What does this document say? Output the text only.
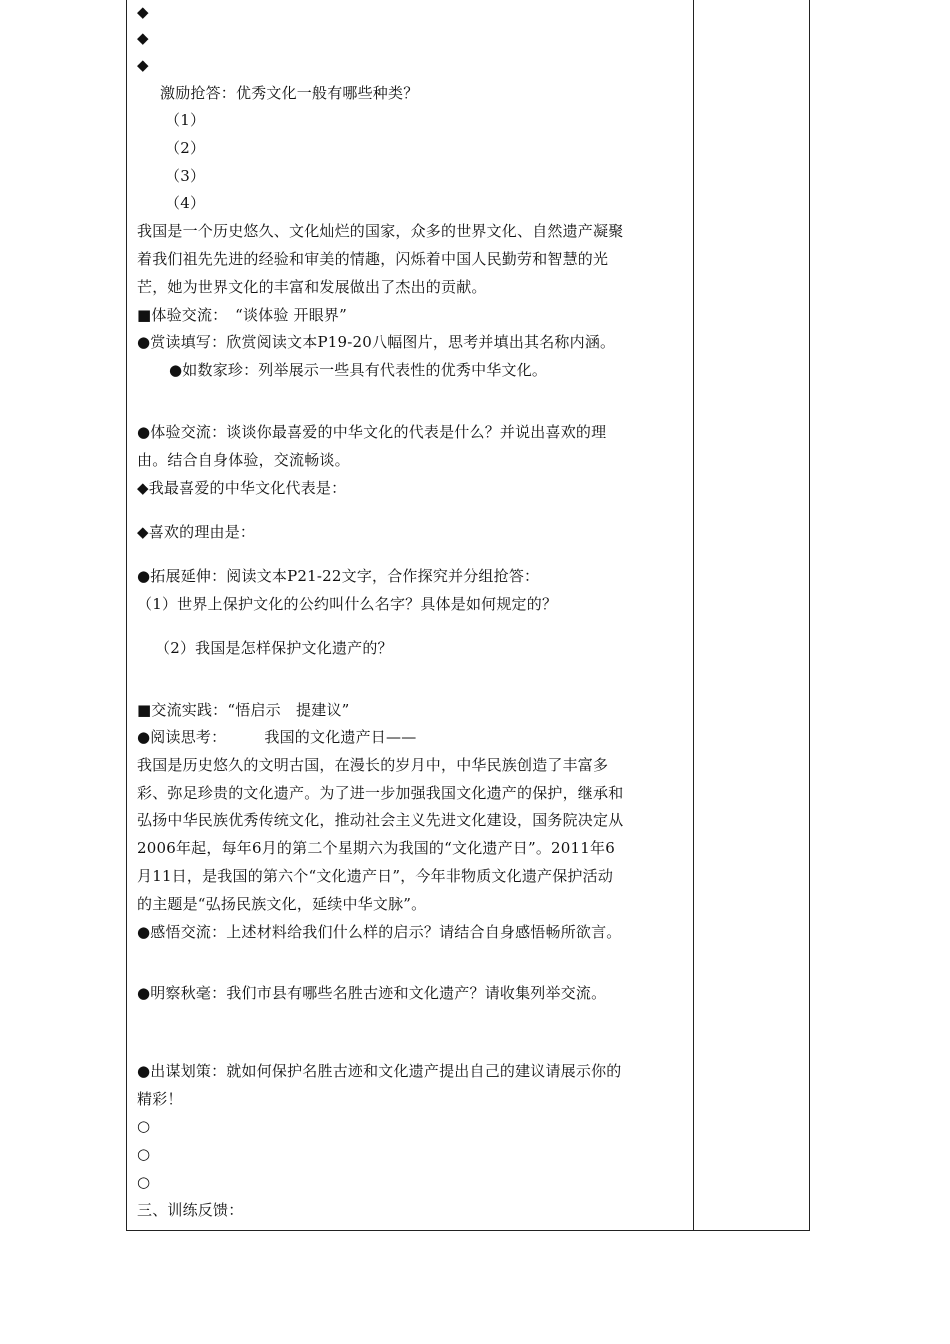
◆
◆
◆
激励抢答：优秀文化一般有哪些种类？
（1）
（2）
（3）
（4）
我国是一个历史悠久、文化灿烂的国家，众多的世界文化、自然遗产凝聚
着我们祖先先进的经验和审美的情趣，闪烁着中国人民勤劳和智慧的光
芒，她为世界文化的丰富和发展做出了杰出的贡献。
■体验交流：　“谈体验 开眼界”
●赏读填写：欣赏阅读文本P19-20八幅图片，思考并填出其名称内涵。
●如数家珍：列举展示一些具有代表性的优秀中华文化。
●体验交流：谈谈你最喜爱的中华文化的代表是什么？并说出喜欢的理
由。结合自身体验，交流畅谈。
◆我最喜爱的中华文化代表是：
◆喜欢的理由是：
●拓展延伸：阅读文本P21-22文字，合作探究并分组抢答：
（1）世界上保护文化的公约叫什么名字？具体是如何规定的？
（2）我国是怎样保护文化遗产的？
■交流实践：“悟启示　提建议”
●阅读思考：　　　我国的文化遗产日——
我国是历史悠久的文明古国，在漫长的岁月中，中华民族创造了丰富多
彩、弥足珍贵的文化遗产。为了进一步加强我国文化遗产的保护，继承和
弘扬中华民族优秀传统文化，推动社会主义先进文化建设，国务院决定从
2006年起，每年6月的第二个星期六为我国的“文化遗产日”。2011年6
月11日，是我国的第六个“文化遗产日”，今年非物质文化遗产保护活动
的主题是“弘扬民族文化，延续中华文脉”。
●感悟交流：上述材料给我们什么样的启示？请结合自身感悟畅所欲言。
●明察秋毫：我们市县有哪些名胜古迹和文化遗产？请收集列举交流。
●出谋划策：就如何保护名胜古迹和文化遗产提出自己的建议请展示你的
精彩！
○
○
○
三、训练反馈：
